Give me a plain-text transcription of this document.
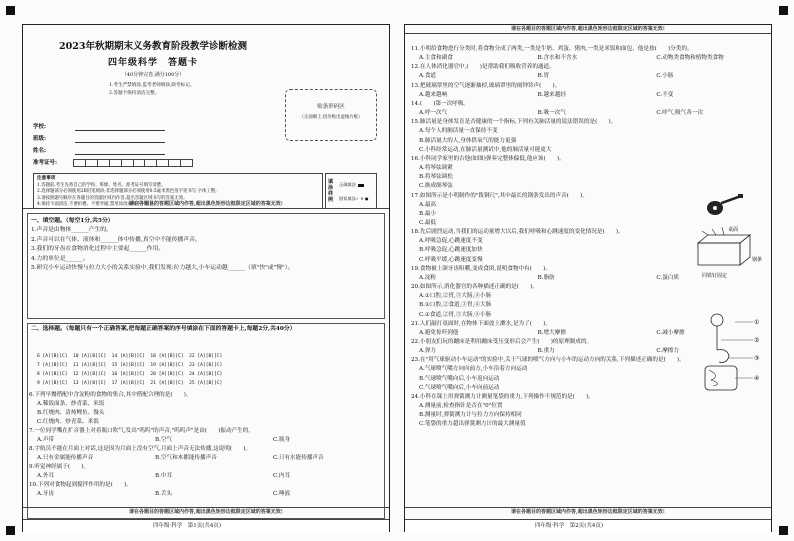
2023年秋期期末义务教育阶段教学诊断检测
四年级科学　答题卡
（40分钟完卷,满分100分）
1.考生严禁填涂,监考老师填涂,缺考标记。
2.答题卡保持清洁完整。
贴条形码区
（正面朝上,切勿贴出虚线方框）
学校:
班级:
姓名:
准考证号:
注意事项
1.答题前,考生先将自己的学校、班级、姓名、准考证号填写清楚。
2.选择题部分必须使用2B铅笔填涂;非选择题部分必须使用0.5毫米黑色签字笔书写,字体工整。
3.请按照题号顺序在各题目的答题区域内作答,超出答题区域书写的答案无效。
4.保持卡面清洁,不要折叠、不要弄破,禁用涂改液和不干胶条。
填涂样例
正确填涂
错误填涂✓ ✕ ●
请在各题目的答题区域内作答,超出黑色矩形边框限定区域的答案无效!
一、填空题。（每空1分,共5分）
1.声音是由物体______产生的。
2.声音可以在气体、液体和______体中传播,真空中不能传播声音。
3.我们的牙齿在食物消化过程中主要起______作用。
4.力的单位是______。
5.研究小车运动快慢与拉力大小的关系实验中,我们发现:拉力越大,小车运动越______（填"快"或"慢"）。
二、选择题。（每题只有一个正确答案,把每题正确答案的序号填涂在下面的答题卡上,每题2分,共40分）
6 [A][B][C]  10 [A][B][C]  14 [A][B][C]  18 [A][B][C]  22 [A][B][C]
7 [A][B][C]  11 [A][B][C]  15 [A][B][C]  19 [A][B][C]  23 [A][B][C]
8 [A][B][C]  12 [A][B][C]  16 [A][B][C]  20 [A][B][C]  24 [A][B][C]
9 [A][B][C]  13 [A][B][C]  17 [A][B][C]  21 [A][B][C]  25 [A][B][C]
6.下列早餐搭配中含淀粉的食物的集合,其中搭配合理的是(　　)。
A.稀饭面条、炒青菜、米饭
B.红烧肉、清炖鲤鱼、馒头
C.红烧肉、炒青菜、米饭
7.一位同学嘴在扩音器上对着瓶口吹气,发出"呜呜"的声音,"呜呜声"是由(　　)振动产生的。
A.声带	B.空气	C.瓶身
8.宇航员不能在月面上对话,这是因为月面上没有空气,月面上声音无法传播,这说明(　　)。
A.只有金属能传播声音	B.空气和木都能传播声音	C.只有水能传播声音
9.听觉神经属于(　　)。
A.外耳	B.中耳	C.内耳
10.下列对食物起到搅拌作用的是(　　)。
A.牙齿	B.舌头	C.唾液
四年级·科学　第1页(共4页)
请在各题目的答题区域内作答,超出黑色矩形边框限定区域的答案无效!
请在各题目的答题区域内作答,超出黑色矩形边框限定区域的答案无效!
11.小明给食物进行分类时,将食物分成了两类,一类是牛奶、鸡蛋、猪肉,一类是米饭和面包。他是按(　　)分类的。
A.主食和副食	B.含水和不含水	C.动物类食物和植物类食物
12.在人体消化器官中,(　　)是帮助我们吸收营养的通道。
A.食道	B.胃	C.小肠
13.把玻璃罩里的空气逐渐抽掉,玻璃罩里的闹钟铃声(　　)。
A.越来越响	B.越来越轻	C.不变
14.(　　)第一次呼吸。
A.呼一次气	B.吸一次气	C.呼气,吸气各一次
15.肺活量是身体发育是否健康的一个指标,下列有关肺活量的说法错误的是(　　)。
A.每个人的肺活量一直保持不变
B.肺活量大的人,身体供氧气的能力更强
C.小科经常运动,在肺活量测试中,他的肺活量可能更大
16.小科同学家里的吉他(如图)弹奏完整体偏低,他应该(　　)。
A.将琴弦调紧
B.将琴弦调松
C.换成细琴弦
17.如图所示是小明制作的"拨钢尺",其中最长的钢条发出的声音(　　)。
A.最高
B.最小
C.最低
18.先后剧烈运动,当我们的运动量增大以后,我们呼吸和心跳速度的变化情况是(　　)。
A.呼吸急促,心跳速度不变
B.呼吸急促,心跳速度加快
C.呼吸平缓,心跳速度变慢
19.食物被上颌牙齿咀嚼,变成食团,说明食物中有(　　)。
A.淀粉	B.脂肪	C.蛋白质
20.如图所示,消化器官的各种描述正确的是(　　)。
A.①口腔,②胃,③大肠,④小肠
B.①口腔,②食道,③胃,④大肠
C.①食道,②胃,③大肠,④小肠
21.人们敲打桌面时,在物体下面放上漱水,是为了(　　)。
A.避免惊吓到他	B.增大摩擦	C.减小摩擦
22.小朋友们玩的蹦床是利用蹦床受压变形后会产生(　　)的原理制成的。
A.弹力	B.重力	C.摩擦力
23.在"用气球驱动小车运动"的实验中,关于气球的喷气方向与小车的运动方向的关系,下列描述正确的是(　　)。
A.气球喷气嘴方向向前方,小车沿着方向运动
B.气球喷气嘴向后,小车返向运动
C.气球喷气嘴向后,小车向前运动
24.小科在课上用弹簧测力计测量笔袋的重力,下列操作不规范的是(　　)。
A.测量前,检查指针是否在"0"位置
B.测量时,弹簧测力计与拉力方向保持相同
C.笔袋的重力超出弹簧测力计的最大测量值
桌面
钢条
同铁钉固定
①
②
③
④
四年级·科学　第2页(共4页)
请在各题目的答题区域内作答,超出黑色矩形边框限定区域的答案无效!
